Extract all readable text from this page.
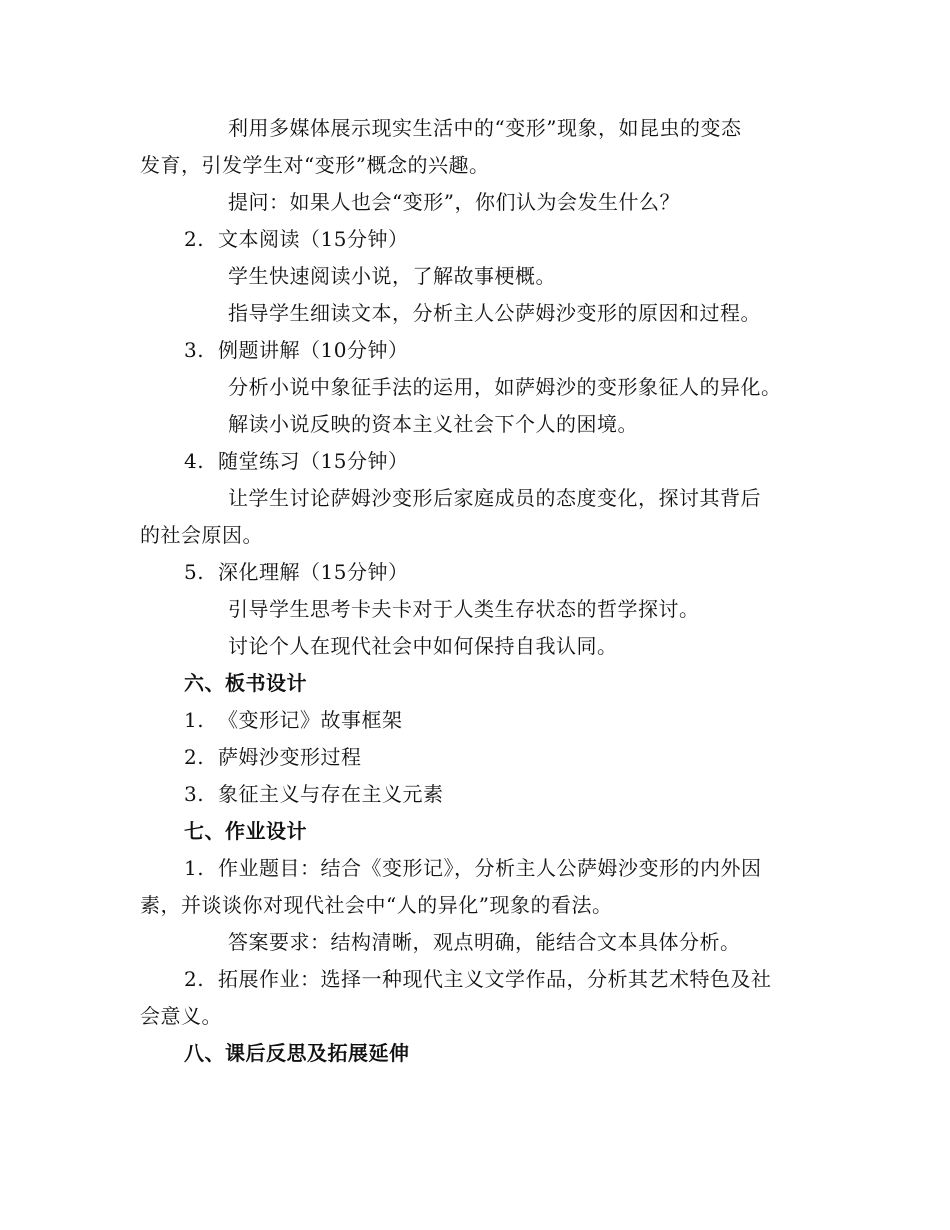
利用多媒体展示现实生活中的“变形”现象，如昆虫的变态
发育，引发学生对“变形”概念的兴趣。
提问：如果人也会“变形”，你们认为会发生什么？
2. 文本阅读（15分钟）
学生快速阅读小说，了解故事梗概。
指导学生细读文本，分析主人公萨姆沙变形的原因和过程。
3. 例题讲解（10分钟）
分析小说中象征手法的运用，如萨姆沙的变形象征人的异化。
解读小说反映的资本主义社会下个人的困境。
4. 随堂练习（15分钟）
让学生讨论萨姆沙变形后家庭成员的态度变化，探讨其背后
的社会原因。
5. 深化理解（15分钟）
引导学生思考卡夫卡对于人类生存状态的哲学探讨。
讨论个人在现代社会中如何保持自我认同。
六、板书设计
1. 《变形记》故事框架
2. 萨姆沙变形过程
3. 象征主义与存在主义元素
七、作业设计
1. 作业题目：结合《变形记》，分析主人公萨姆沙变形的内外因
素，并谈谈你对现代社会中“人的异化”现象的看法。
答案要求：结构清晰，观点明确，能结合文本具体分析。
2. 拓展作业：选择一种现代主义文学作品，分析其艺术特色及社
会意义。
八、课后反思及拓展延伸
